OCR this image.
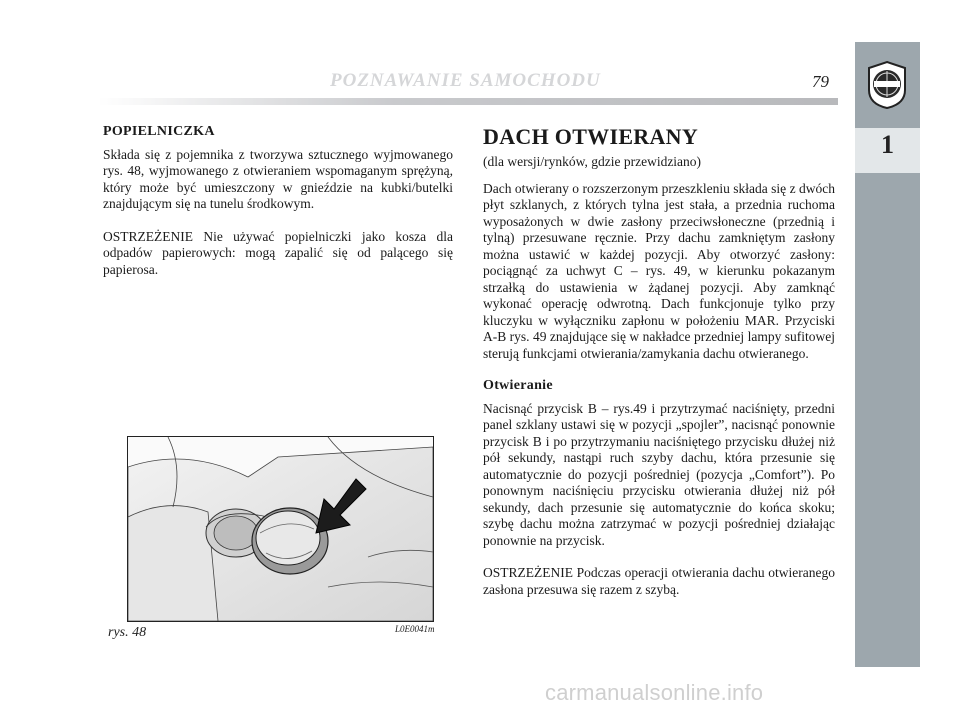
1
POZNAWANIE SAMOCHODU	79
POPIELNICZKA

Składa się z pojemnika z tworzywa sztucznego wyjmowanego rys. 48, wyjmowanego z otwieraniem wspomaganym sprężyną, który może być umieszczony w gnieździe na kubki/butelki znajdującym się na tunelu środkowym.

OSTRZEŻENIE Nie używać popielniczki jako kosza dla odpadów papierowych: mogą zapalić się od palącego się papierosa.

rys. 48	L0E0041m
DACH OTWIERANY

(dla wersji/rynków, gdzie przewidziano)

Dach otwierany o rozszerzonym przeszkleniu składa się z dwóch płyt szklanych, z których tylna jest stała, a przednia ruchoma wyposażonych w dwie zasłony przeciwsłoneczne (przednią i tylną) przesuwane ręcznie. Przy dachu zamkniętym zasłony można ustawić w każdej pozycji. Aby otworzyć zasłony: pociągnąć za uchwyt C – rys. 49, w kierunku pokazanym strzałką do ustawienia w żądanej pozycji. Aby zamknąć wykonać operację odwrotną. Dach funkcjonuje tylko przy kluczyku w wyłączniku zapłonu w położeniu MAR. Przyciski A-B rys. 49 znajdujące się w nakładce przedniej lampy sufitowej sterują funkcjami otwierania/zamykania dachu otwieranego.

Otwieranie

Nacisnąć przycisk B – rys.49 i przytrzymać naciśnięty, przedni panel szklany ustawi się w pozycji „spojler”, nacisnąć ponownie przycisk B i po przytrzymaniu naciśniętego przycisku dłużej niż pół sekundy, nastąpi ruch szyby dachu, która przesunie się automatycznie do pozycji pośredniej (pozycja „Comfort”). Po ponownym naciśnięciu przycisku otwierania dłużej niż pół sekundy, dach przesunie się automatycznie do końca skoku; szybę dachu można zatrzymać w pozycji pośredniej działając ponownie na przycisk.

OSTRZEŻENIE Podczas operacji otwierania dachu otwieranego zasłona przesuwa się razem z szybą.

carmanualsonline.info
